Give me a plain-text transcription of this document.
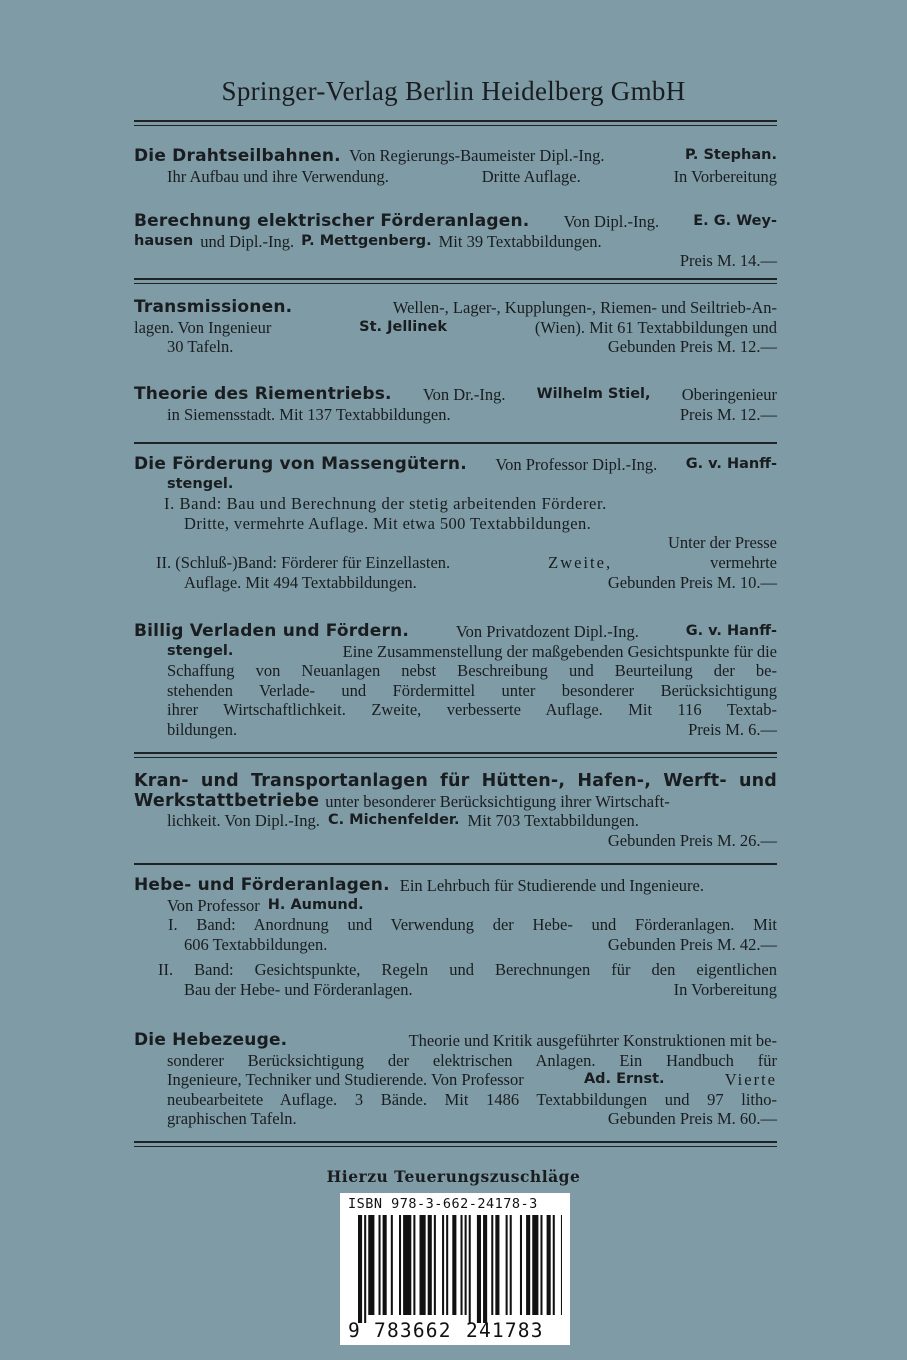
Springer-Verlag Berlin Heidelberg GmbH
Die Drahtseilbahnen. Von Regierungs-Baumeister Dipl.-Ing.	P. Stephan.
Ihr Aufbau und ihre Verwendung.	Dritte Auflage.	In Vorbereitung
Berechnung elektrischer Förderanlagen. Von Dipl.-Ing. E. G. Wey-
hausen und Dipl.-Ing. P. Mettgenberg. Mit 39 Textabbildungen.
Preis M. 14.—
Transmissionen.	Wellen-, Lager-, Kupplungen-, Riemen- und Seiltrieb-An-
lagen. Von Ingenieur	St. Jellinek	(Wien). Mit 61 Textabbildungen und
30 Tafeln.	Gebunden Preis M. 12.—
Theorie des Riementriebs. Von Dr.-Ing. Wilhelm Stiel, Oberingenieur
in Siemensstadt. Mit 137 Textabbildungen.	Preis M. 12.—
Die Förderung von Massengütern. Von Professor Dipl.-Ing. G. v. Hanff-
stengel.
I. Band: Bau und Berechnung der stetig arbeitenden Förderer.
Dritte, vermehrte Auflage. Mit etwa 500 Textabbildungen.
Unter der Presse
II. (Schluß-)Band: Förderer für Einzellasten.	Zweite,	vermehrte
Auflage. Mit 494 Textabbildungen.	Gebunden Preis M. 10.—
Billig Verladen und Fördern.	Von Privatdozent Dipl.-Ing.	G. v. Hanff-
stengel.	Eine Zusammenstellung der maßgebenden Gesichtspunkte für die
Schaffung von Neuanlagen nebst Beschreibung und Beurteilung der be-
stehenden Verlade- und Fördermittel unter besonderer Berücksichtigung
ihrer Wirtschaftlichkeit. Zweite, verbesserte Auflage. Mit 116 Textab-
bildungen.	Preis M. 6.—
Kran- und Transportanlagen für Hütten-, Hafen-, Werft- und
Werkstattbetriebe unter besonderer Berücksichtigung ihrer Wirtschaft-
lichkeit. Von Dipl.-Ing. C. Michenfelder. Mit 703 Textabbildungen.
Gebunden Preis M. 26.—
Hebe- und Förderanlagen. Ein Lehrbuch für Studierende und Ingenieure.
Von Professor H. Aumund.
I. Band: Anordnung und Verwendung der Hebe- und Förderanlagen. Mit
606 Textabbildungen.	Gebunden Preis M. 42.—
II. Band: Gesichtspunkte, Regeln und Berechnungen für den eigentlichen
Bau der Hebe- und Förderanlagen.	In Vorbereitung
Die Hebezeuge.	Theorie und Kritik ausgeführter Konstruktionen mit be-
sonderer Berücksichtigung der elektrischen Anlagen. Ein Handbuch für
Ingenieure, Techniker und Studierende. Von Professor	Ad. Ernst.	Vierte
neubearbeitete Auflage. 3 Bände. Mit 1486 Textabbildungen und 97 litho-
graphischen Tafeln.	Gebunden Preis M. 60.—
Hierzu Teuerungszuschläge
ISBN 978-3-662-24178-3
9 783662 241783
